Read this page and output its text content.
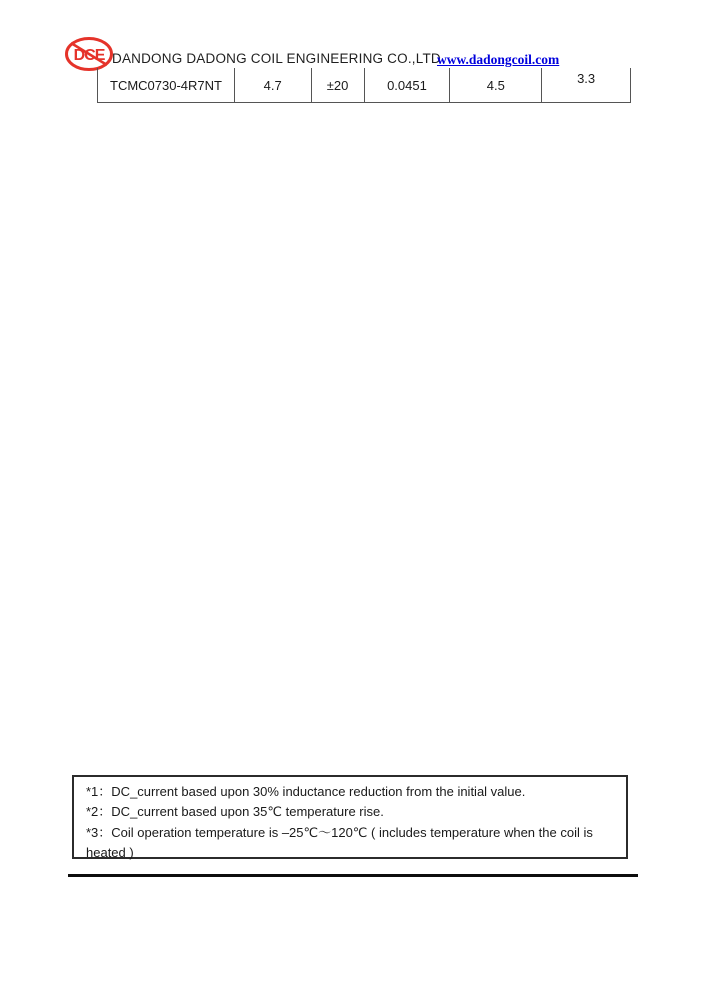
DCE DANDONG DADONG COIL ENGINEERING CO.,LTD
www.dadongcoil.com
TCMC0730-4R7NT	4.7	±20	0.0451	4.5	3.3
*1：DC_current based upon 30% inductance reduction from the initial value.
*2：DC_current based upon 35℃ temperature rise.
*3：Coil operation temperature is –25℃～120℃ ( includes temperature when the coil is heated )
